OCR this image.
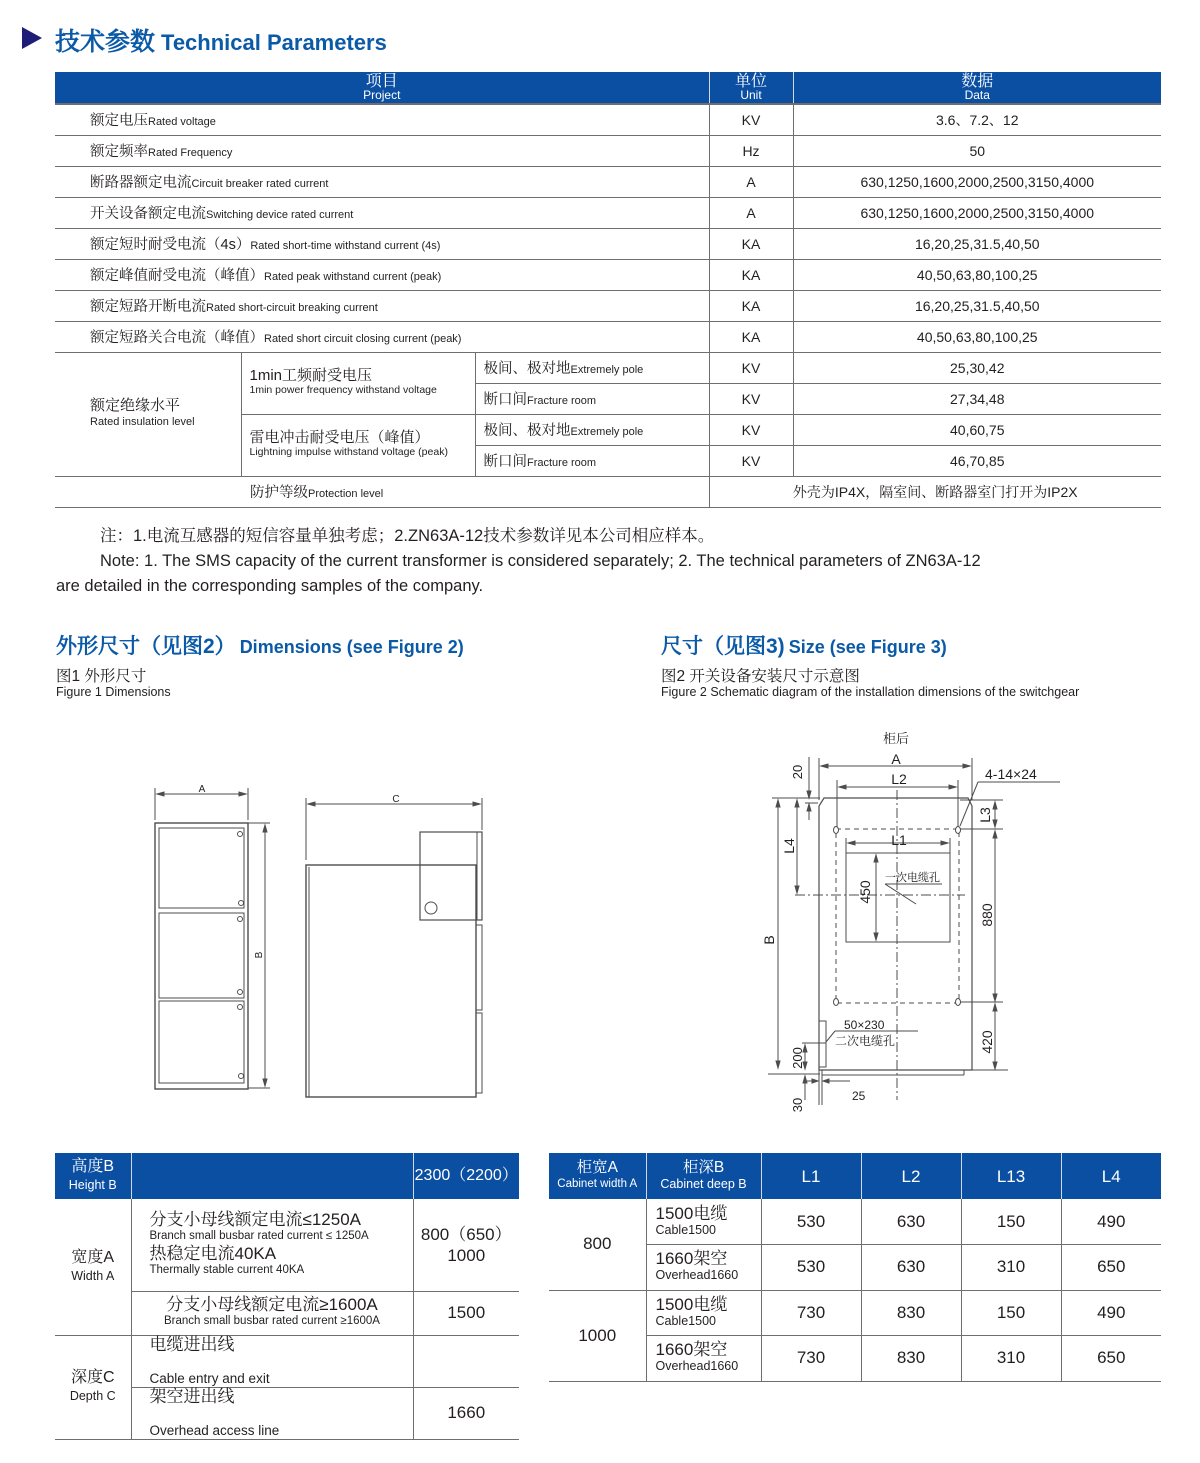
技术参数 Technical Parameters
项目
Project			单位
Unit	数据
Data

额定电压Rated voltage			KV	3.6、7.2、12
额定频率Rated Frequency			Hz	50
断路器额定电流Circuit breaker rated current			A	630,1250,1600,2000,2500,3150,4000
开关设备额定电流Switching device rated current			A	630,1250,1600,2000,2500,3150,4000
额定短时耐受电流（4s）Rated short-time withstand current (4s)			KA	16,20,25,31.5,40,50
额定峰值耐受电流（峰值）Rated peak withstand current (peak)			KA	40,50,63,80,100,25
额定短路开断电流Rated short-circuit breaking current			KA	16,20,25,31.5,40,50
额定短路关合电流（峰值）Rated short circuit closing current (peak)			KA	40,50,63,80,100,25

额定绝缘水平
Rated insulation level	1min工频耐受电压
1min power frequency withstand voltage	极间、极对地Extremely pole	KV	25,30,42
		断口间Fracture room	KV	27,34,48

	雷电冲击耐受电压（峰值）
Lightning impulse withstand voltage (peak)	极间、极对地Extremely pole	KV	40,60,75
		断口间Fracture room	KV	46,70,85
防护等级Protection level			外壳为IP4X，隔室间、断路器室门打开为IP2X	
注：1.电流互感器的短信容量单独考虑；2.ZN63A-12技术参数详见本公司相应样本。
Note: 1. The SMS capacity of the current transformer is considered separately; 2. The technical parameters of ZN63A-12
are detailed in the corresponding samples of the company.
外形尺寸（见图2） Dimensions (see Figure 2)
图1 外形尺寸
Figure 1 Dimensions
尺寸（见图3) Size (see Figure 3)
图2 开关设备安装尺寸示意图
Figure 2 Schematic diagram of the installation dimensions of the switchgear
A
C
B
柜后
A
L2	4-14×24
L1
一次电缆孔
50×230
二次电缆孔
25
20
L4
B
450
L3
880
420
200
30
高度B
Height B		2300（2200）

宽度A
Width A	分支小母线额定电流≤1250A
Branch small busbar rated current ≤ 1250A
热稳定电流40KA
Thermally stable current 40KA	800（650）
1000

	分支小母线额定电流≥1600A
Branch small busbar rated current ≥1600A	1500

深度C
Depth C	电缆进出线

Cable entry and exit	

	架空进出线

Overhead access line	1660
柜宽A
Cabinet width A	柜深B
Cabinet deep B	L1	L2	L13	L4
800	1500电缆
Cable1500	530	630	150	490

	1660架空
Overhead1660	530	630	310	650
1000	1500电缆
Cable1500	730	830	150	490

	1660架空
Overhead1660	730	830	310	650
